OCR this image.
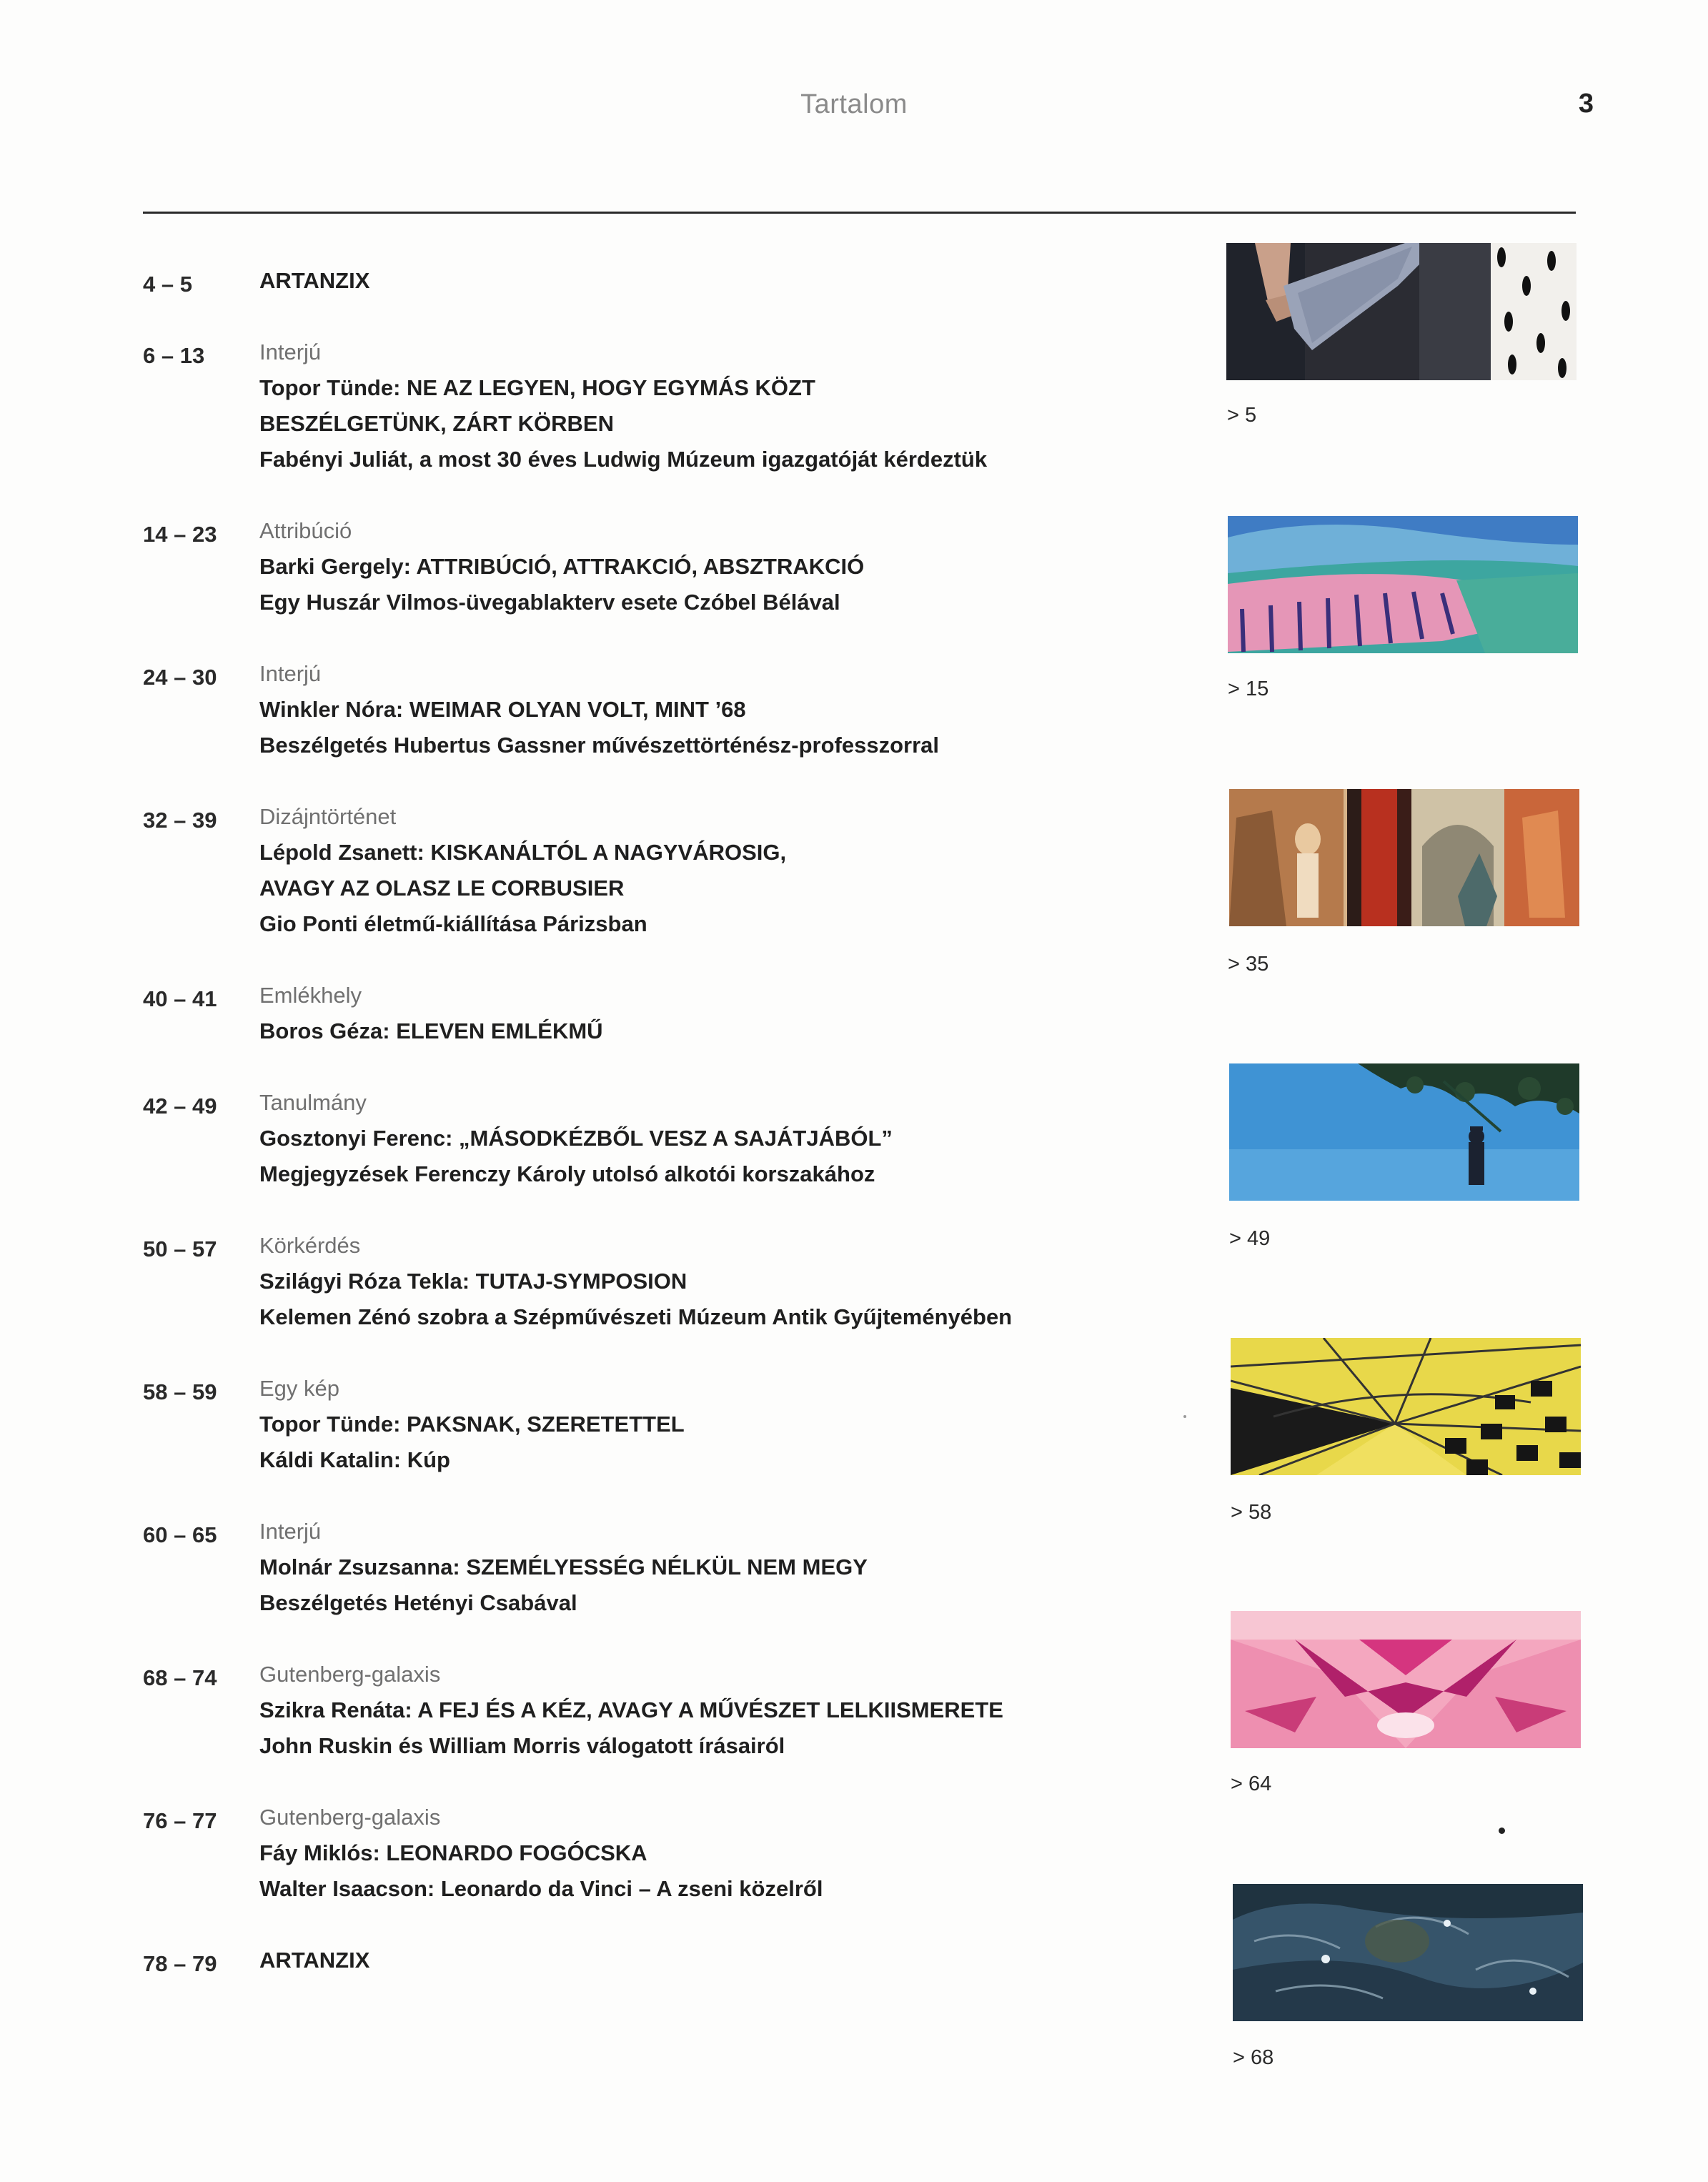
Tartalom	3
4 – 5	ARTANZIX
6 – 13	Interjú
Topor Tünde: NE AZ LEGYEN, HOGY EGYMÁS KÖZT
BESZÉLGETÜNK, ZÁRT KÖRBEN
Fabényi Juliát, a most 30 éves Ludwig Múzeum igazgatóját kérdeztük
14 – 23	Attribúció
Barki Gergely: ATTRIBÚCIÓ, ATTRAKCIÓ, ABSZTRAKCIÓ
Egy Huszár Vilmos-üvegablakterv esete Czóbel Bélával
24 – 30	Interjú
Winkler Nóra: WEIMAR OLYAN VOLT, MINT ’68
Beszélgetés Hubertus Gassner művészettörténész-professzorral
32 – 39	Dizájntörténet
Lépold Zsanett: KISKANÁLTÓL A NAGYVÁROSIG,
AVAGY AZ OLASZ LE CORBUSIER
Gio Ponti életmű-kiállítása Párizsban
40 – 41	Emlékhely
Boros Géza: ELEVEN EMLÉKMŰ
42 – 49	Tanulmány
Gosztonyi Ferenc: „MÁSODKÉZBŐL VESZ A SAJÁTJÁBÓL”
Megjegyzések Ferenczy Károly utolsó alkotói korszakához
50 – 57	Körkérdés
Szilágyi Róza Tekla: TUTAJ-SYMPOSION
Kelemen Zénó szobra a Szépművészeti Múzeum Antik Gyűjteményében
58 – 59	Egy kép
Topor Tünde: PAKSNAK, SZERETETTEL
Káldi Katalin: Kúp
60 – 65	Interjú
Molnár Zsuzsanna: SZEMÉLYESSÉG NÉLKÜL NEM MEGY
Beszélgetés Hetényi Csabával
68 – 74	Gutenberg-galaxis
Szikra Renáta: A FEJ ÉS A KÉZ, AVAGY A MŰVÉSZET LELKIISMERETE
John Ruskin és William Morris válogatott írásairól
76 – 77	Gutenberg-galaxis
Fáy Miklós: LEONARDO FOGÓCSKA
Walter Isaacson: Leonardo da Vinci – A zseni közelről
78 – 79	ARTANZIX
> 5
> 15
> 35
> 49
> 58
> 64
> 68
